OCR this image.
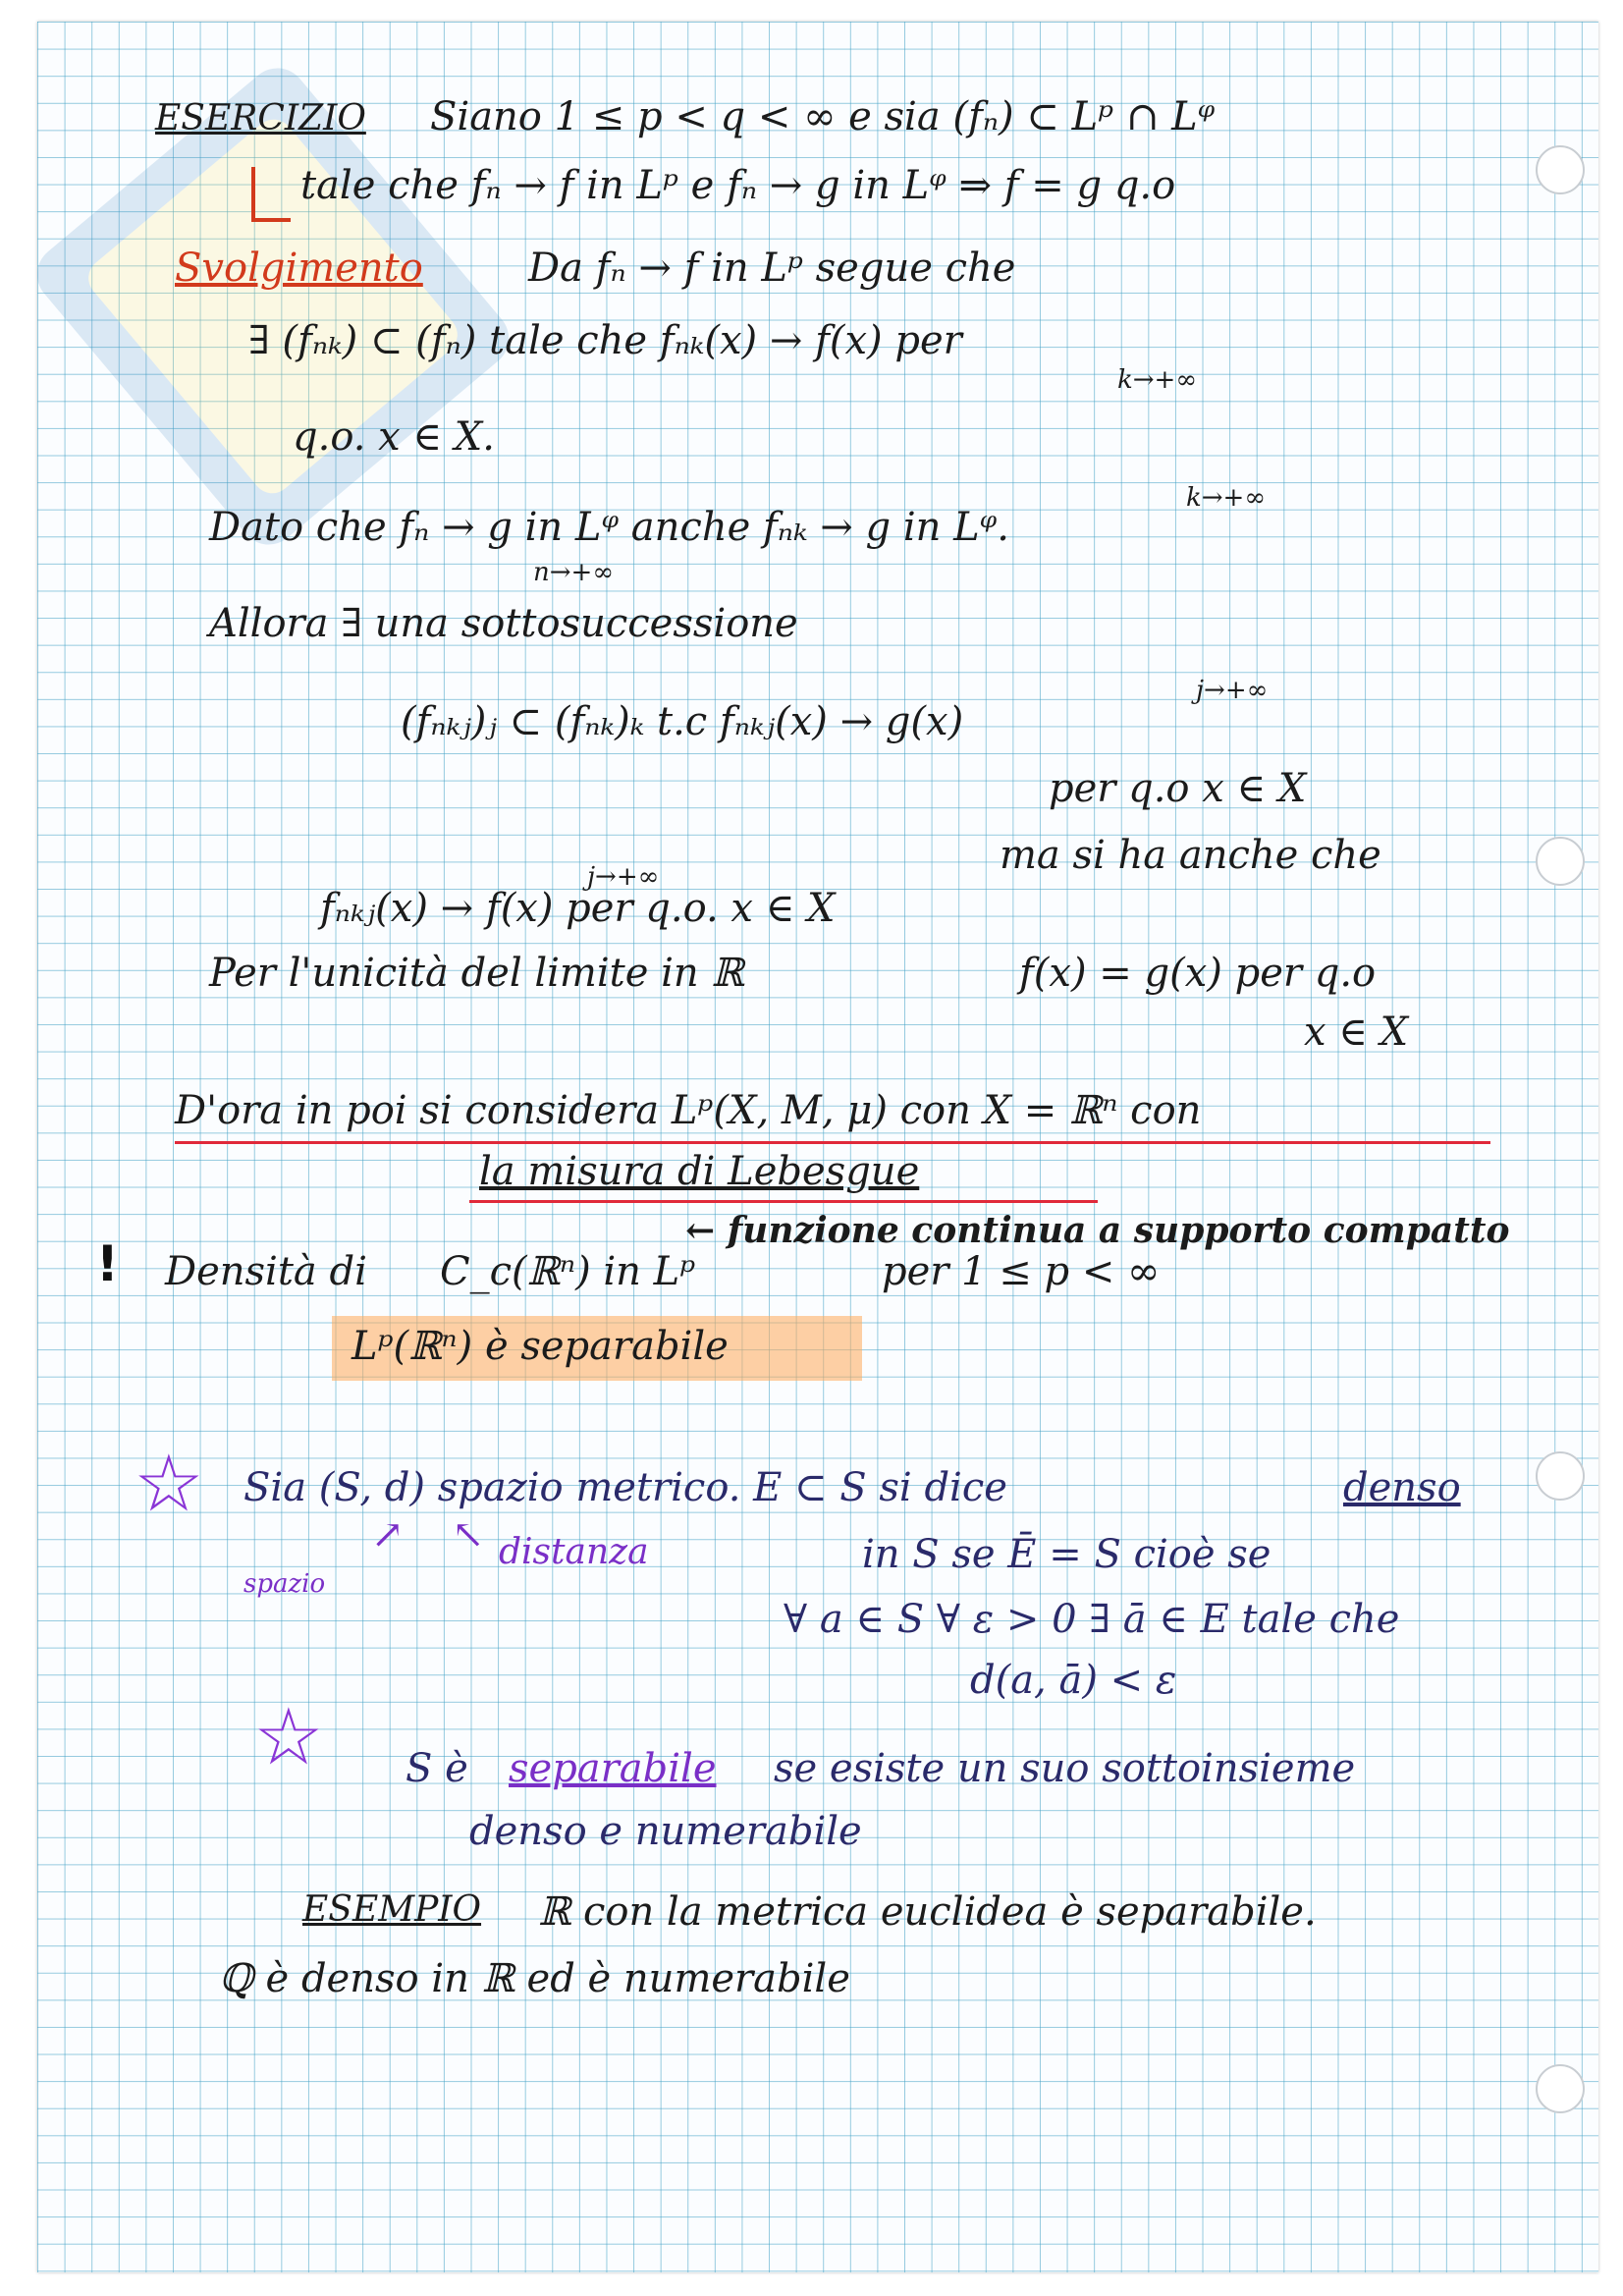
ESERCIZIO Siano 1 ≤ p < q < ∞ e sia (fₙ) ⊂ Lᵖ ∩ Lᵠ
tale che fₙ → f in Lᵖ e fₙ → g in Lᵠ ⇒ f = g q.o
Svolgimento	Da fₙ → f in Lᵖ segue che
∃ (fₙₖ) ⊂ (fₙ) tale che fₙₖ(x) → f(x) per
k→+∞
q.o. x ∈ X.
Dato che fₙ → g in Lᵠ anche fₙₖ → g in Lᵠ.
n→+∞
k→+∞
Allora ∃ una sottosuccessione
(fₙₖⱼ)ⱼ ⊂ (fₙₖ)ₖ t.c fₙₖⱼ(x) → g(x)
j→+∞
per q.o x ∈ X
ma si ha anche che
fₙₖⱼ(x) → f(x) per q.o. x ∈ X
j→+∞
Per l'unicità del limite in ℝ	f(x) = g(x) per q.o
x ∈ X
D'ora in poi si considera Lᵖ(X, M, μ) con X = ℝⁿ con
la misura di Lebesgue
← funzione continua a supporto compatto
! Densità di C_c(ℝⁿ) in Lᵖ	per 1 ≤ p < ∞
Lᵖ(ℝⁿ) è separabile
☆ Sia (S, d) spazio metrico. E ⊂ S si dice	denso
spazio
↗ ↖ distanza	in S se Ē = S cioè se
∀ a ∈ S ∀ ε > 0 ∃ ā ∈ E tale che
d(a, ā) < ε
☆ S è separabile se esiste un suo sottoinsieme
denso e numerabile
ESEMPIO ℝ con la metrica euclidea è separabile.
ℚ è denso in ℝ ed è numerabile
